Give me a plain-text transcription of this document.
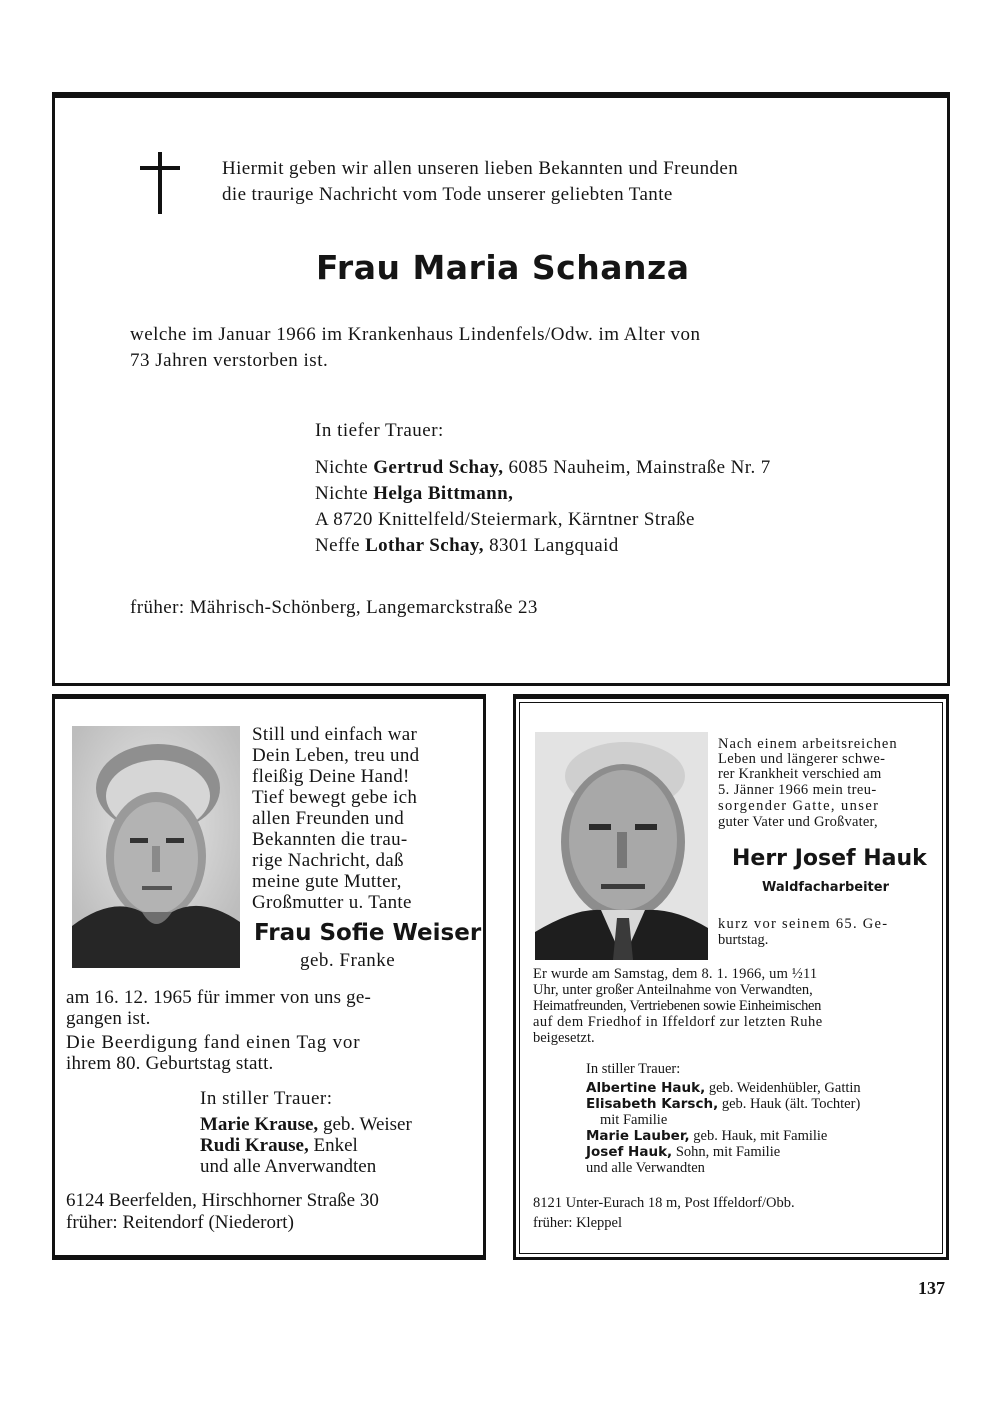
Hiermit geben wir allen unseren lieben Bekannten und Freunden
die traurige Nachricht vom Tode unserer geliebten Tante
Frau Maria Schanza
welche im Januar 1966 im Krankenhaus Lindenfels/Odw. im Alter von
73 Jahren verstorben ist.
In tiefer Trauer:
Nichte Gertrud Schay, 6085 Nauheim, Mainstraße Nr. 7
Nichte Helga Bittmann,
A 8720 Knittelfeld/Steiermark, Kärntner Straße
Neffe Lothar Schay, 8301 Langquaid
früher: Mährisch-Schönberg, Langemarckstraße 23
Still und einfach war
Dein Leben, treu und
fleißig Deine Hand!
Tief bewegt gebe ich
allen Freunden und
Bekannten die trau-
rige Nachricht, daß
meine gute Mutter,
Großmutter u. Tante
Frau Sofie Weiser
geb. Franke
am 16. 12. 1965 für immer von uns ge-
gangen ist.
Die Beerdigung fand einen Tag vor
ihrem 80. Geburtstag statt.
In stiller Trauer:
Marie Krause, geb. Weiser
Rudi Krause, Enkel
und alle Anverwandten
6124 Beerfelden, Hirschhorner Straße 30
früher: Reitendorf (Niederort)
Nach einem arbeitsreichen
Leben und längerer schwe-
rer Krankheit verschied am
5. Jänner 1966 mein treu-
sorgender Gatte, unser
guter Vater und Großvater,
Herr Josef Hauk
Waldfacharbeiter
kurz vor seinem 65. Ge-
burtstag.
Er wurde am Samstag, dem 8. 1. 1966, um ½11
Uhr, unter großer Anteilnahme von Verwandten,
Heimatfreunden, Vertriebenen sowie Einheimischen
auf dem Friedhof in Iffeldorf zur letzten Ruhe
beigesetzt.
In stiller Trauer:
Albertine Hauk, geb. Weidenhübler, Gattin
Elisabeth Karsch, geb. Hauk (ält. Tochter)
mit Familie
Marie Lauber, geb. Hauk, mit Familie
Josef Hauk, Sohn, mit Familie
und alle Verwandten
8121 Unter-Eurach 18 m, Post Iffeldorf/Obb.
früher: Kleppel
137
